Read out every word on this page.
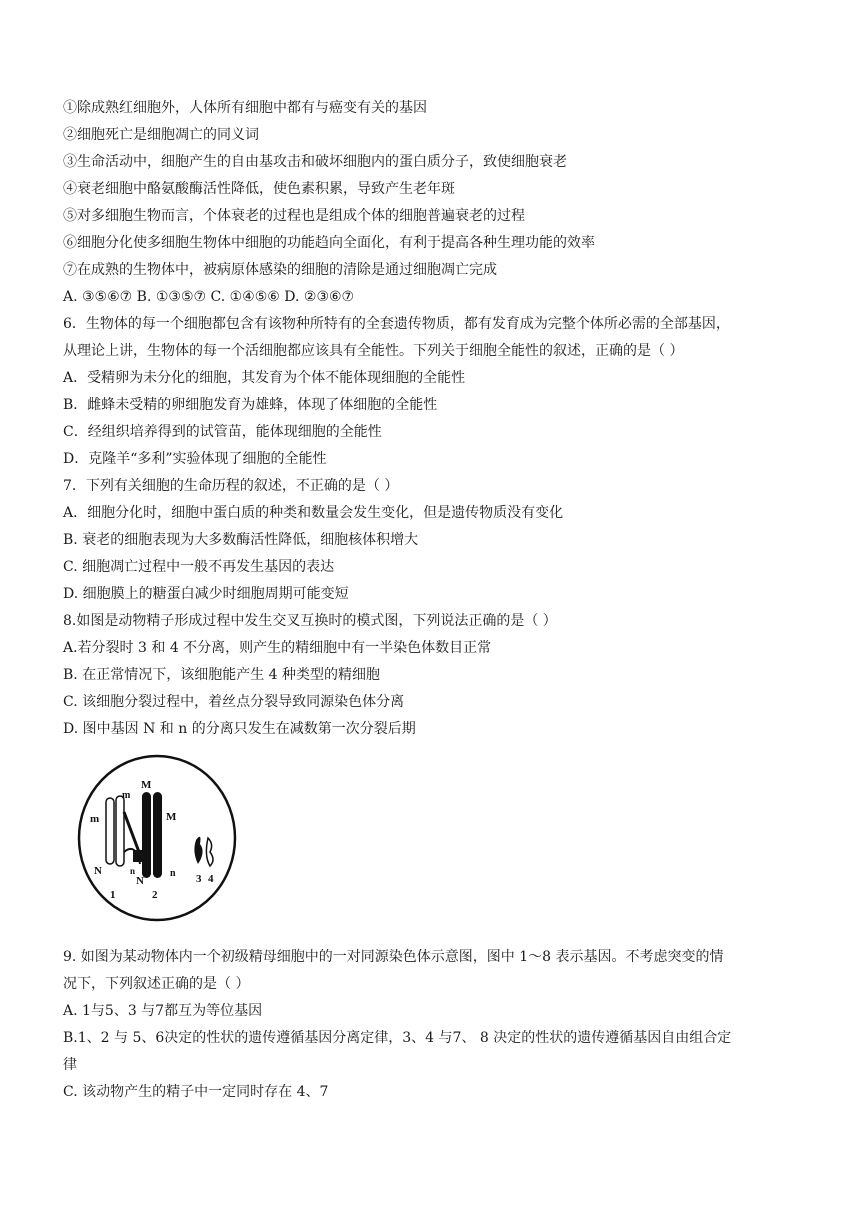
①除成熟红细胞外，人体所有细胞中都有与癌变有关的基因
②细胞死亡是细胞凋亡的同义词
③生命活动中，细胞产生的自由基攻击和破坏细胞内的蛋白质分子，致使细胞衰老
④衰老细胞中酪氨酸酶活性降低，使色素积累，导致产生老年斑
⑤对多细胞生物而言，个体衰老的过程也是组成个体的细胞普遍衰老的过程
⑥细胞分化使多细胞生物体中细胞的功能趋向全面化，有利于提高各种生理功能的效率
⑦在成熟的生物体中，被病原体感染的细胞的清除是通过细胞凋亡完成
A. ③⑤⑥⑦ B. ①③⑤⑦ C. ①④⑤⑥ D. ②③⑥⑦
6．生物体的每一个细胞都包含有该物种所特有的全套遗传物质，都有发育成为完整个体所必需的全部基因，
从理论上讲，生物体的每一个活细胞都应该具有全能性。下列关于细胞全能性的叙述，正确的是（ ）
A．受精卵为未分化的细胞，其发育为个体不能体现细胞的全能性
B．雌蜂未受精的卵细胞发育为雄蜂，体现了体细胞的全能性
C．经组织培养得到的试管苗，能体现细胞的全能性
D．克隆羊“多利”实验体现了细胞的全能性
7．下列有关细胞的生命历程的叙述，不正确的是（ ）
A．细胞分化时，细胞中蛋白质的种类和数量会发生变化，但是遗传物质没有变化
B. 衰老的细胞表现为大多数酶活性降低，细胞核体积增大
C. 细胞凋亡过程中一般不再发生基因的表达
D. 细胞膜上的糖蛋白减少时细胞周期可能变短
8.如图是动物精子形成过程中发生交叉互换时的模式图，下列说法正确的是（ ）
A.若分裂时 3 和 4 不分离，则产生的精细胞中有一半染色体数目正常
B. 在正常情况下，该细胞能产生 4 种类型的精细胞
C. 该细胞分裂过程中，着丝点分裂导致同源染色体分离
D. 图中基因 N 和 n 的分离只发生在减数第一次分裂后期
m
m
M
M
N
N
n
n
1	2
3 4
9. 如图为某动物体内一个初级精母细胞中的一对同源染色体示意图，图中 1～8 表示基因。不考虑突变的情
况下，下列叙述正确的是（ ）
A. 1与5、3 与7都互为等位基因
B.1、2 与 5、6决定的性状的遗传遵循基因分离定律，3、4 与7、 8 决定的性状的遗传遵循基因自由组合定
律
C. 该动物产生的精子中一定同时存在 4、7
